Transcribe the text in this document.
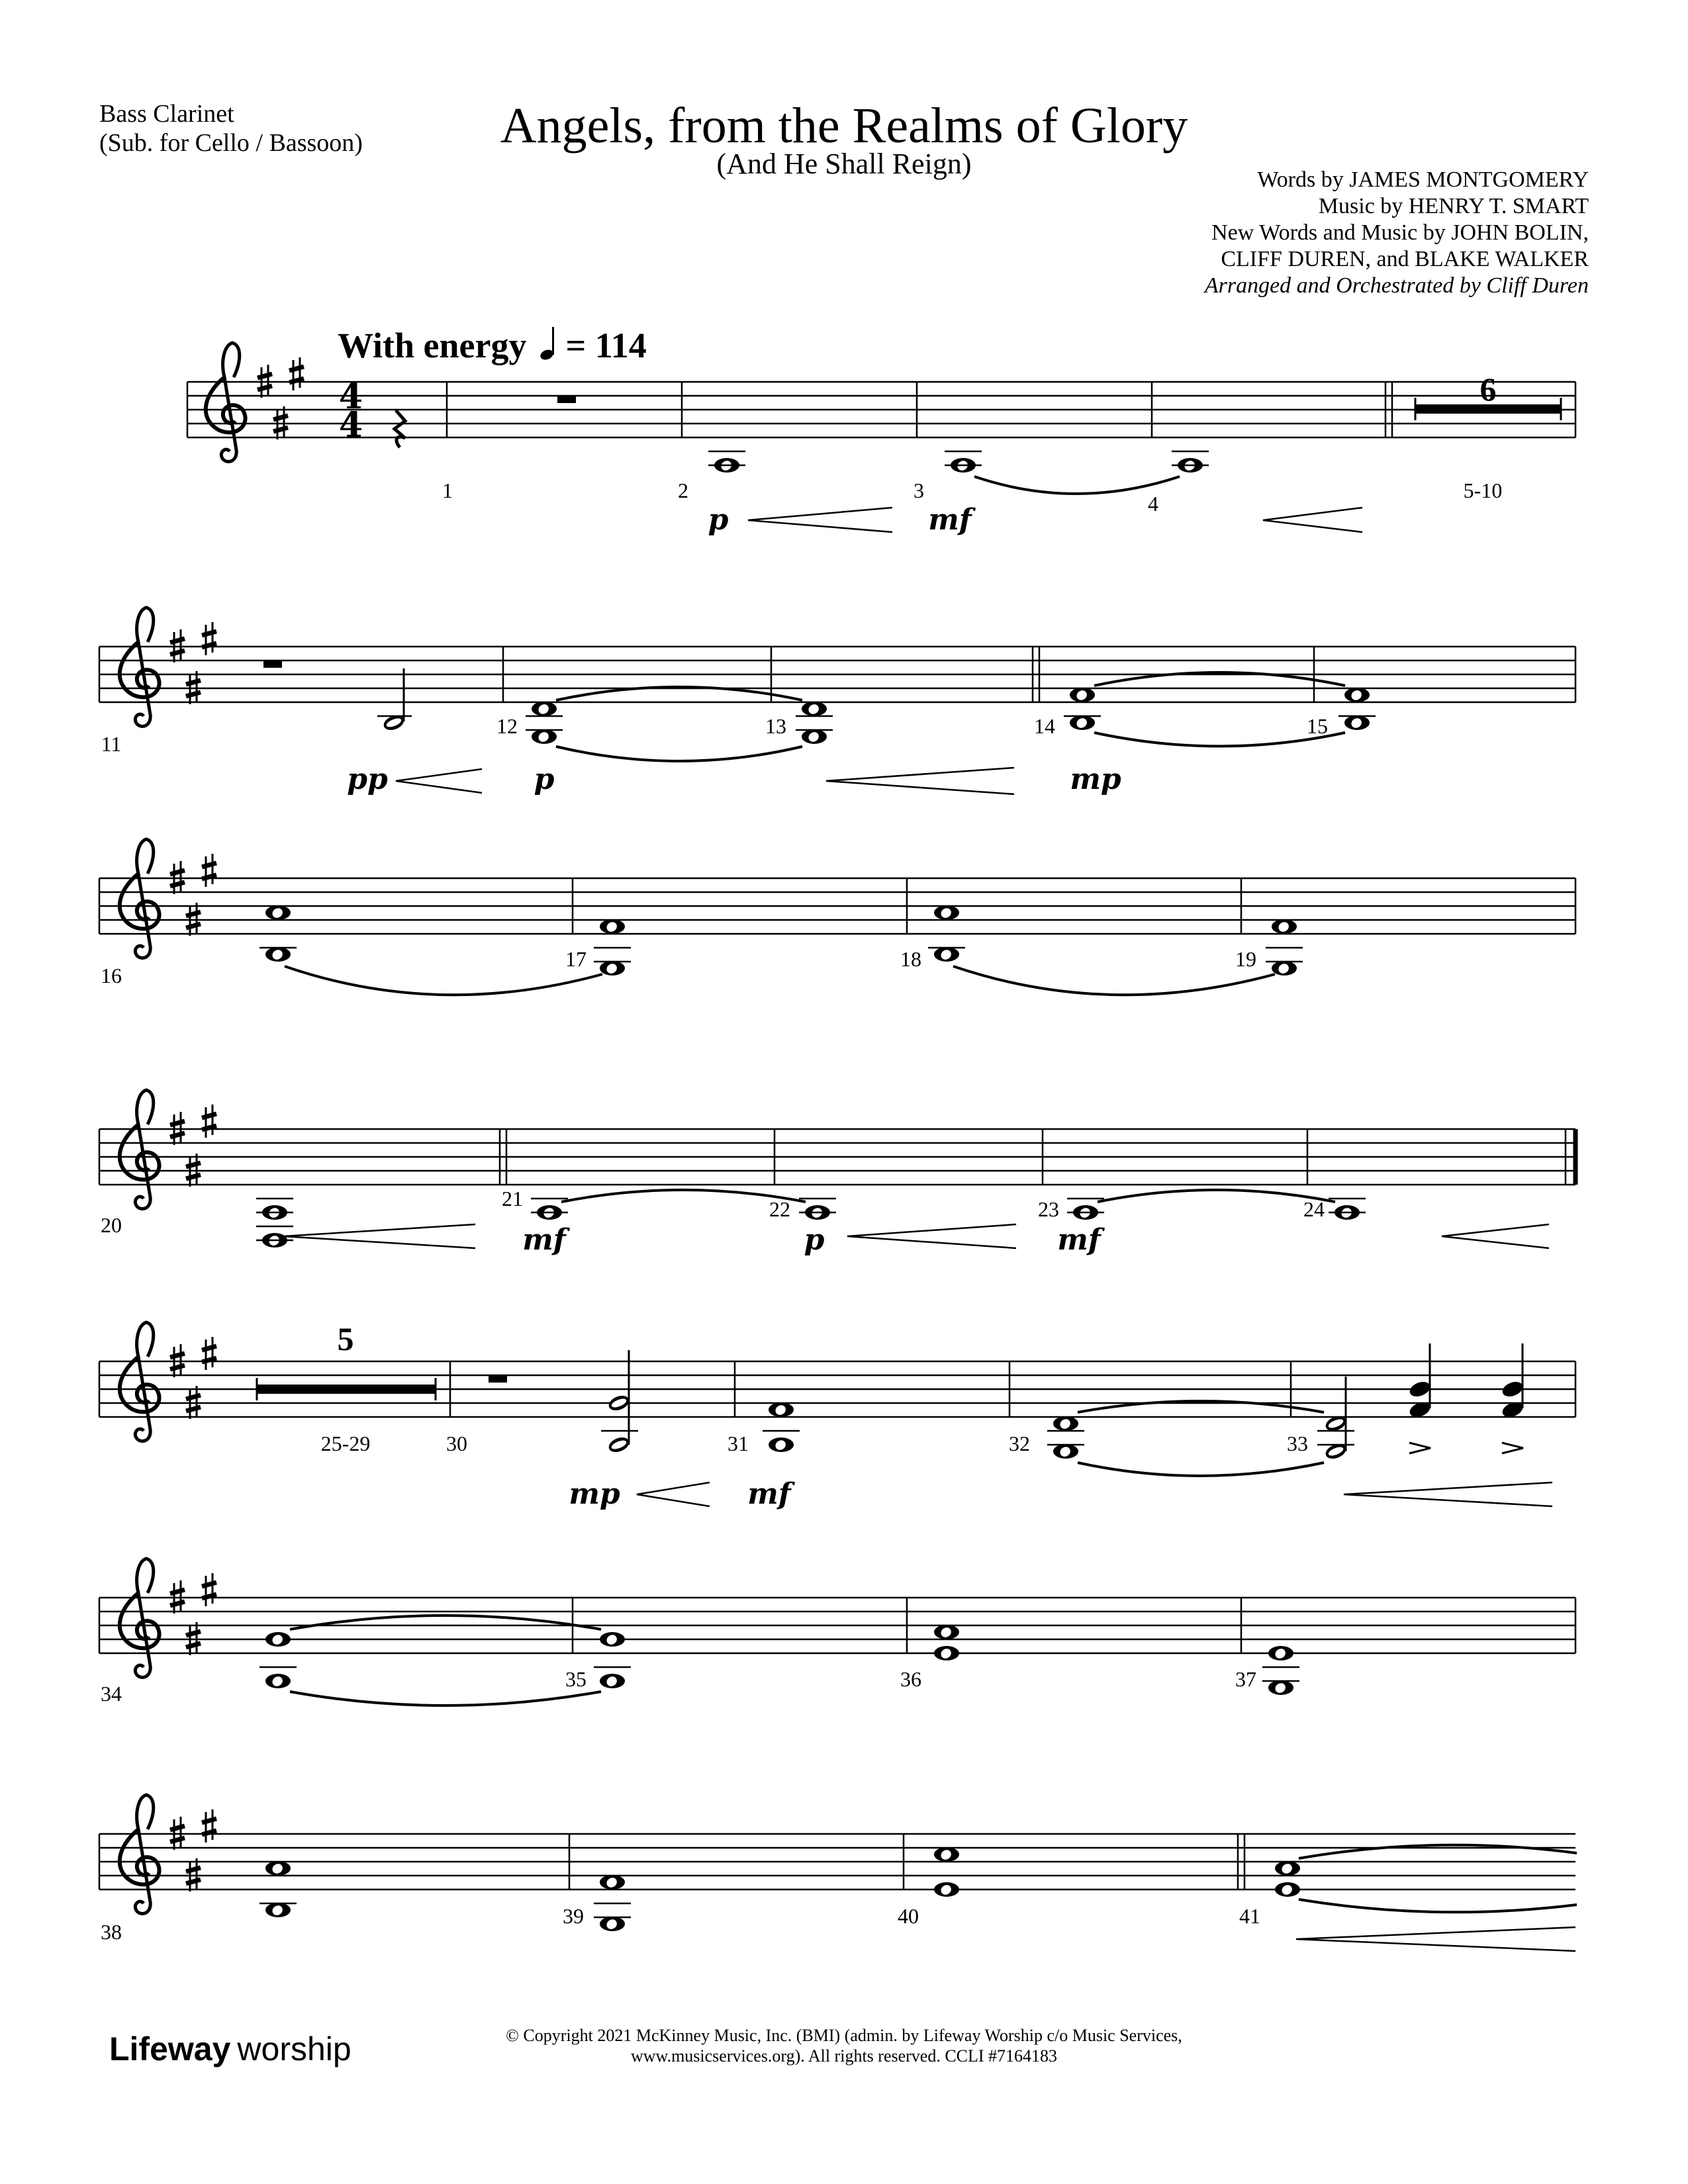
Bass Clarinet
(Sub. for Cello / Bassoon)	Angels, from the Realms of Glory
(And He Shall Reign)	Words by JAMES MONTGOMERY
Music by HENRY T. SMART
New Words and Music by JOHN BOLIN,
CLIFF DUREN, and BLAKE WALKER
Arranged and Orchestrated by Cliff Duren
With energy = 114
4
4
6
1	2	3
4
5-10
p	mf
11
12	13	14	15
pp	p	mp
16
17	18	19
20
21	22	23	24
mf	p	mf
5
25-29	30	31	32	33
mp	mf
34
35	36	37
38
39	40	41
Lifeway worship	© Copyright 2021 McKinney Music, Inc. (BMI) (admin. by Lifeway Worship c/o Music Services,
www.musicservices.org). All rights reserved. CCLI #7164183
